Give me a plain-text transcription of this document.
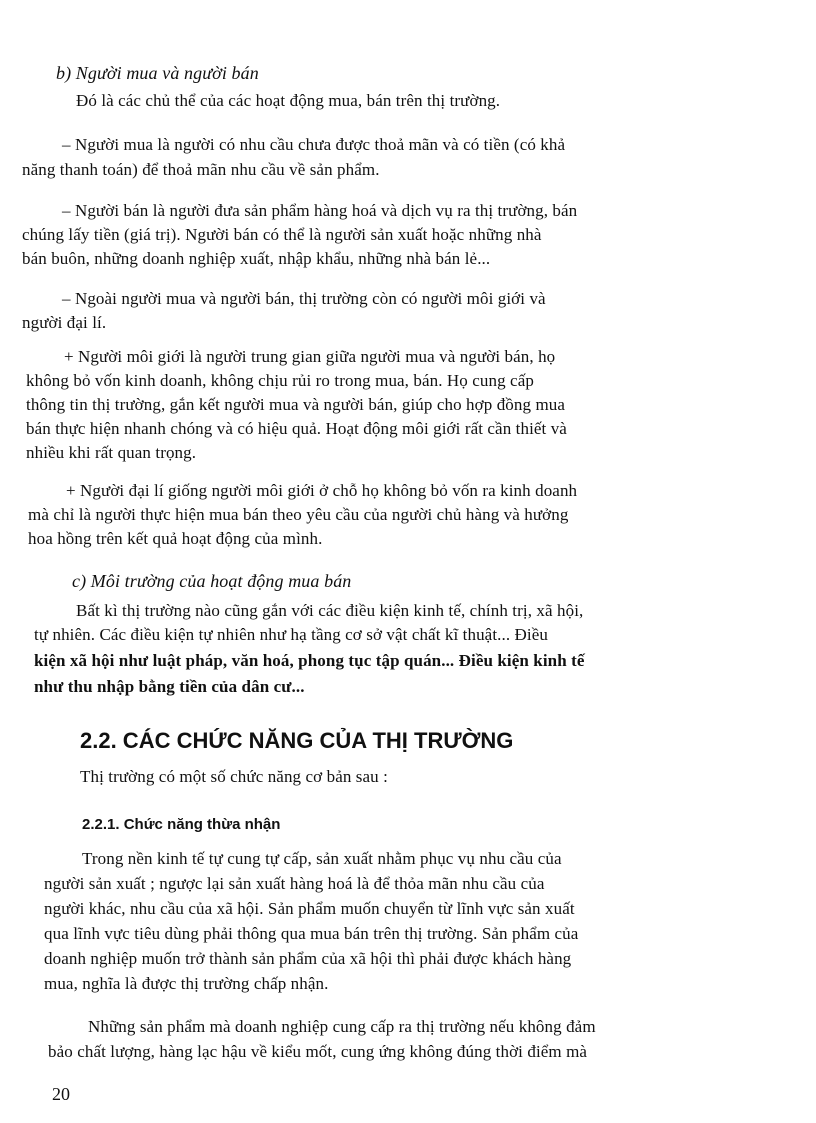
b) Người mua và người bán
Đó là các chủ thể của các hoạt động mua, bán trên thị trường.
– Người mua là người có nhu cầu chưa được thoả mãn và có tiền (có khả
năng thanh toán) để thoả mãn nhu cầu về sản phẩm.
– Người bán là người đưa sản phẩm hàng hoá và dịch vụ ra thị trường, bán
chúng lấy tiền (giá trị). Người bán có thể là người sản xuất hoặc những nhà
bán buôn, những doanh nghiệp xuất, nhập khẩu, những nhà bán lẻ...
– Ngoài người mua và người bán, thị trường còn có người môi giới và
người đại lí.
+ Người môi giới là người trung gian giữa người mua và người bán, họ
không bỏ vốn kinh doanh, không chịu rủi ro trong mua, bán. Họ cung cấp
thông tin thị trường, gắn kết người mua và người bán, giúp cho hợp đồng mua
bán thực hiện nhanh chóng và có hiệu quả. Hoạt động môi giới rất cần thiết và
nhiều khi rất quan trọng.
+ Người đại lí giống người môi giới ở chỗ họ không bỏ vốn ra kinh doanh
mà chỉ là người thực hiện mua bán theo yêu cầu của người chủ hàng và hưởng
hoa hồng trên kết quả hoạt động của mình.
c) Môi trường của hoạt động mua bán
Bất kì thị trường nào cũng gắn với các điều kiện kinh tế, chính trị, xã hội,
tự nhiên. Các điều kiện tự nhiên như hạ tầng cơ sở vật chất kĩ thuật... Điều
kiện xã hội như luật pháp, văn hoá, phong tục tập quán... Điều kiện kinh tế
như thu nhập bằng tiền của dân cư...
2.2. CÁC CHỨC NĂNG CỦA THỊ TRƯỜNG
Thị trường có một số chức năng cơ bản sau :
2.2.1. Chức năng thừa nhận
Trong nền kinh tế tự cung tự cấp, sản xuất nhằm phục vụ nhu cầu của
người sản xuất ; ngược lại sản xuất hàng hoá là để thỏa mãn nhu cầu của
người khác, nhu cầu của xã hội. Sản phẩm muốn chuyển từ lĩnh vực sản xuất
qua lĩnh vực tiêu dùng phải thông qua mua bán trên thị trường. Sản phẩm của
doanh nghiệp muốn trở thành sản phẩm của xã hội thì phải được khách hàng
mua, nghĩa là được thị trường chấp nhận.
Những sản phẩm mà doanh nghiệp cung cấp ra thị trường nếu không đảm
bảo chất lượng, hàng lạc hậu về kiểu mốt, cung ứng không đúng thời điểm mà
20
